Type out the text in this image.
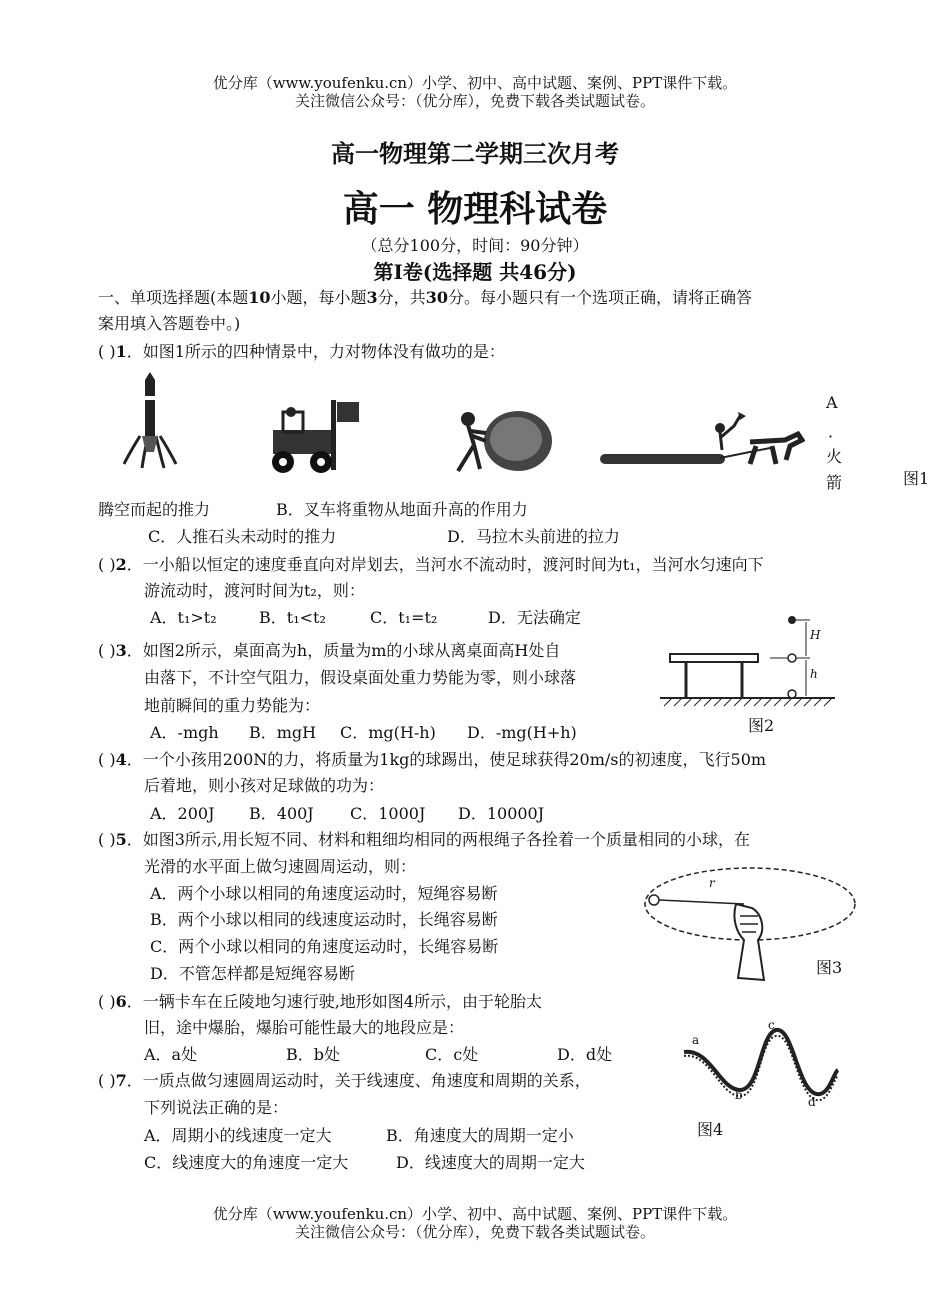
优分库（www.youfenku.cn）小学、初中、高中试题、案例、PPT课件下载。
关注微信公众号：（优分库），免费下载各类试题试卷。
高一物理第二学期三次月考
高一 物理科试卷
（总分100分，时间：90分钟）
第I卷(选择题 共46分)
一、单项选择题(本题10小题，每小题3分，共30分。每小题只有一个选项正确，请将正确答
案用填入答题卷中。)
( )1．如图1所示的四种情景中，力对物体没有做功的是：
A
．
火
箭	图1
腾空而起的推力	B．叉车将重物从地面升高的作用力
C．人推石头未动时的推力	D．马拉木头前进的拉力
( )2．一小船以恒定的速度垂直向对岸划去，当河水不流动时，渡河时间为t₁，当河水匀速向下
游流动时，渡河时间为t₂，则：
A．t₁>t₂	B．t₁<t₂	C．t₁=t₂	D．无法确定
( )3．如图2所示，桌面高为h，质量为m的小球从离桌面高H处自
由落下，不计空气阻力，假设桌面处重力势能为零，则小球落
地前瞬间的重力势能为：
A．-mgh B．mgH C．mg(H-h) D．-mg(H+h)
H
h
图2
( )4．一个小孩用200N的力，将质量为1kg的球踢出，使足球获得20m/s的初速度，飞行50m
后着地，则小孩对足球做的功为：
A．200J B．400J C．1000J D．10000J
( )5．如图3所示,用长短不同、材料和粗细均相同的两根绳子各拴着一个质量相同的小球，在
光滑的水平面上做匀速圆周运动，则：
A．两个小球以相同的角速度运动时，短绳容易断
B．两个小球以相同的线速度运动时，长绳容易断
C．两个小球以相同的角速度运动时，长绳容易断
D．不管怎样都是短绳容易断
r
图3
( )6．一辆卡车在丘陵地匀速行驶,地形如图4所示，由于轮胎太
旧，途中爆胎，爆胎可能性最大的地段应是：
A．a处	B．b处	C．c处	D．d处
a
b
c
d
图4
( )7．一质点做匀速圆周运动时，关于线速度、角速度和周期的关系，
下列说法正确的是：
A．周期小的线速度一定大	B．角速度大的周期一定小
C．线速度大的角速度一定大	D．线速度大的周期一定大
优分库（www.youfenku.cn）小学、初中、高中试题、案例、PPT课件下载。
关注微信公众号：（优分库），免费下载各类试题试卷。
